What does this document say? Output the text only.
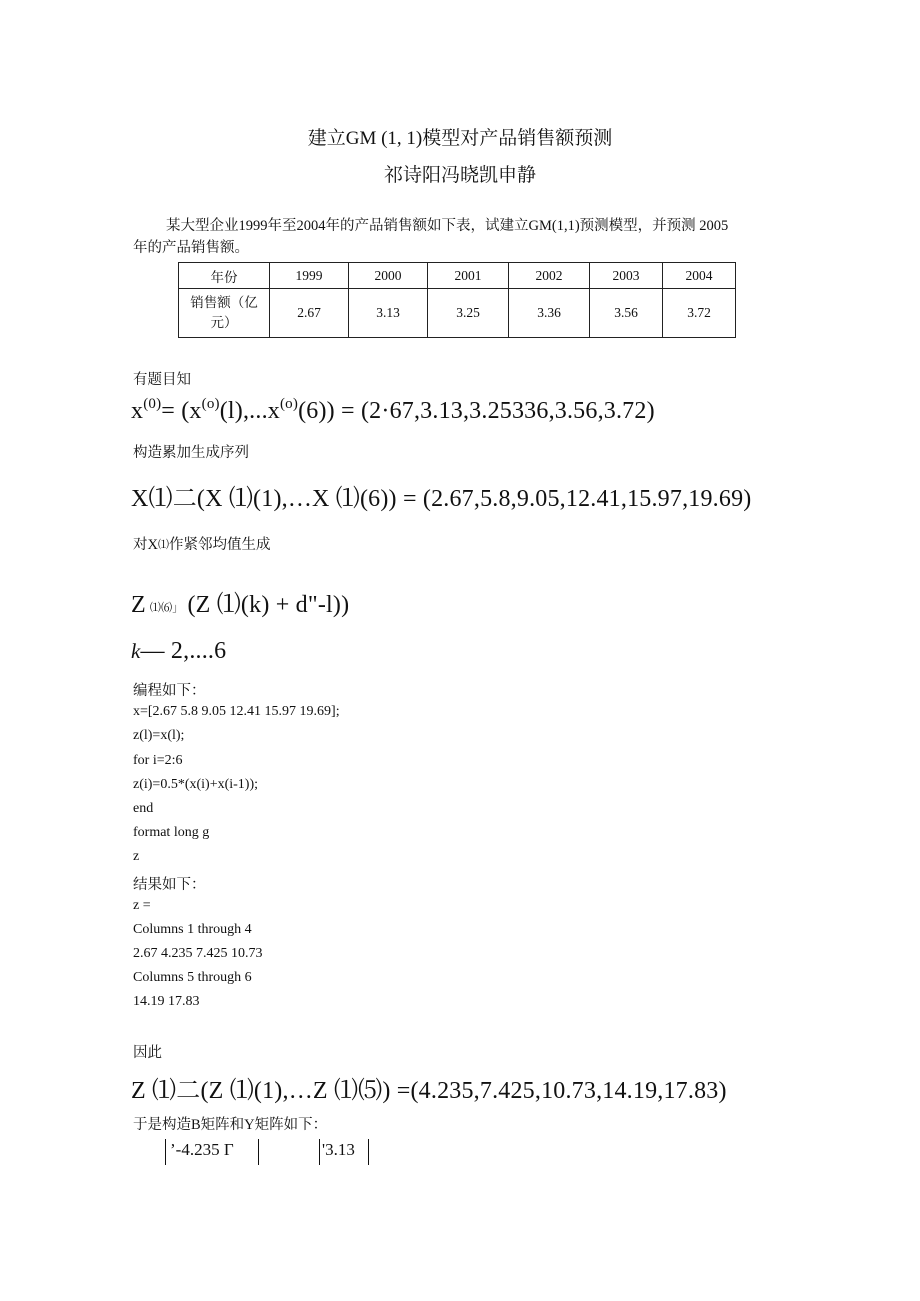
建立GM (1, 1)模型对产品销售额预测
祁诗阳冯晓凯申静
某大型企业1999年至2004年的产品销售额如下表，试建立GM(1,1)预测模型，并预测 2005
年的产品销售额。
年份	1999	2000	2001	2002	2003	2004

销售额（亿
元）	2.67	3.13	3.25	3.36	3.56	3.72
有题目知
$x^{(0)}= (x^{(o)}(l),...x^{(o)}(6)) = (2\cdot 67,3.13,3.25336,3.56,3.72)$
构造累加生成序列
X⑴二(X ⑴(1),…X ⑴(6)) = (2.67,5.8,9.05,12.41,15.97,19.69)
对X⑴作紧邻均值生成
Z ⑴⑹」 (Z ⑴(k) + d"-l))
k— 2,....6
编程如下：
x=[2.67 5.8 9.05 12.41 15.97 19.69];
z(l)=x(l);
for i=2:6
z(i)=0.5*(x(i)+x(i-1));
end
format long g
z
结果如下：
z =
Columns 1 through 4
2.67 4.235 7.425 10.73
Columns 5 through 6
14.19 17.83
因此
Z ⑴二(Z ⑴(1),…Z ⑴⑸) =(4.235,7.425,10.73,14.19,17.83)
于是构造B矩阵和Y矩阵如下：
’-4.235 Γ	'3.13
